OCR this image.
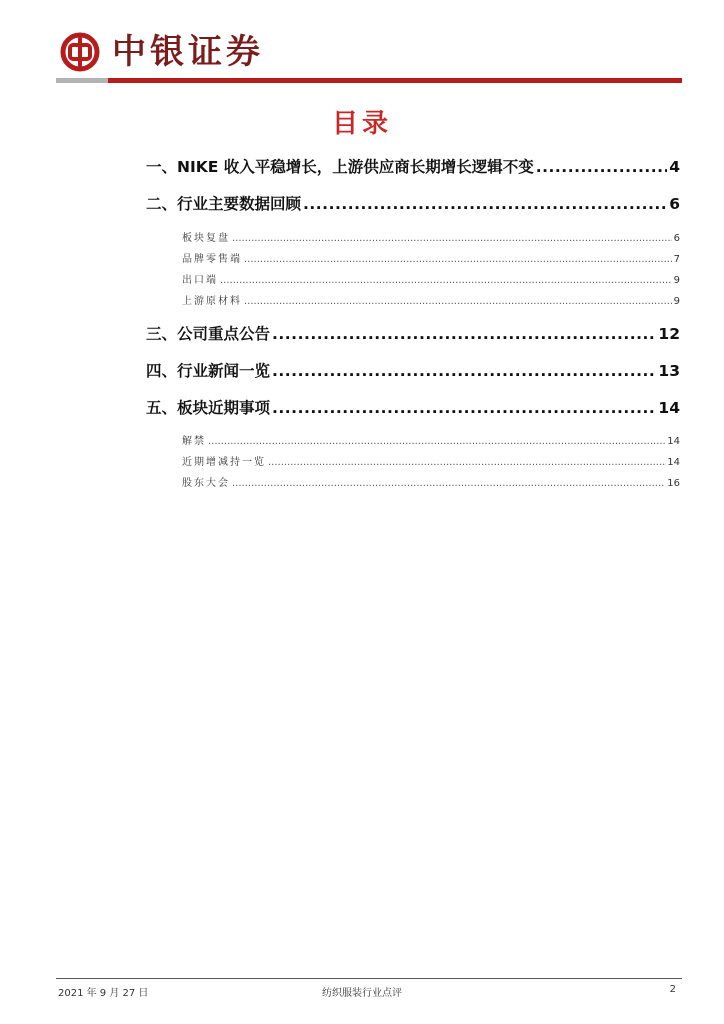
中银证券
目录
一、NIKE 收入平稳增长，上游供应商长期增长逻辑不变 .....	4
二、行业主要数据回顾 .....	6
板块复盘 .....	6
品牌零售端 .....	7
出口端 .....	9
上游原材料 .....	9
三、公司重点公告 .....	12
四、行业新闻一览 .....	13
五、板块近期事项 .....	14
解禁 .....	14
近期增减持一览 .....	14
股东大会 .....	16
2021 年 9 月 27 日	纺织服装行业点评	2
